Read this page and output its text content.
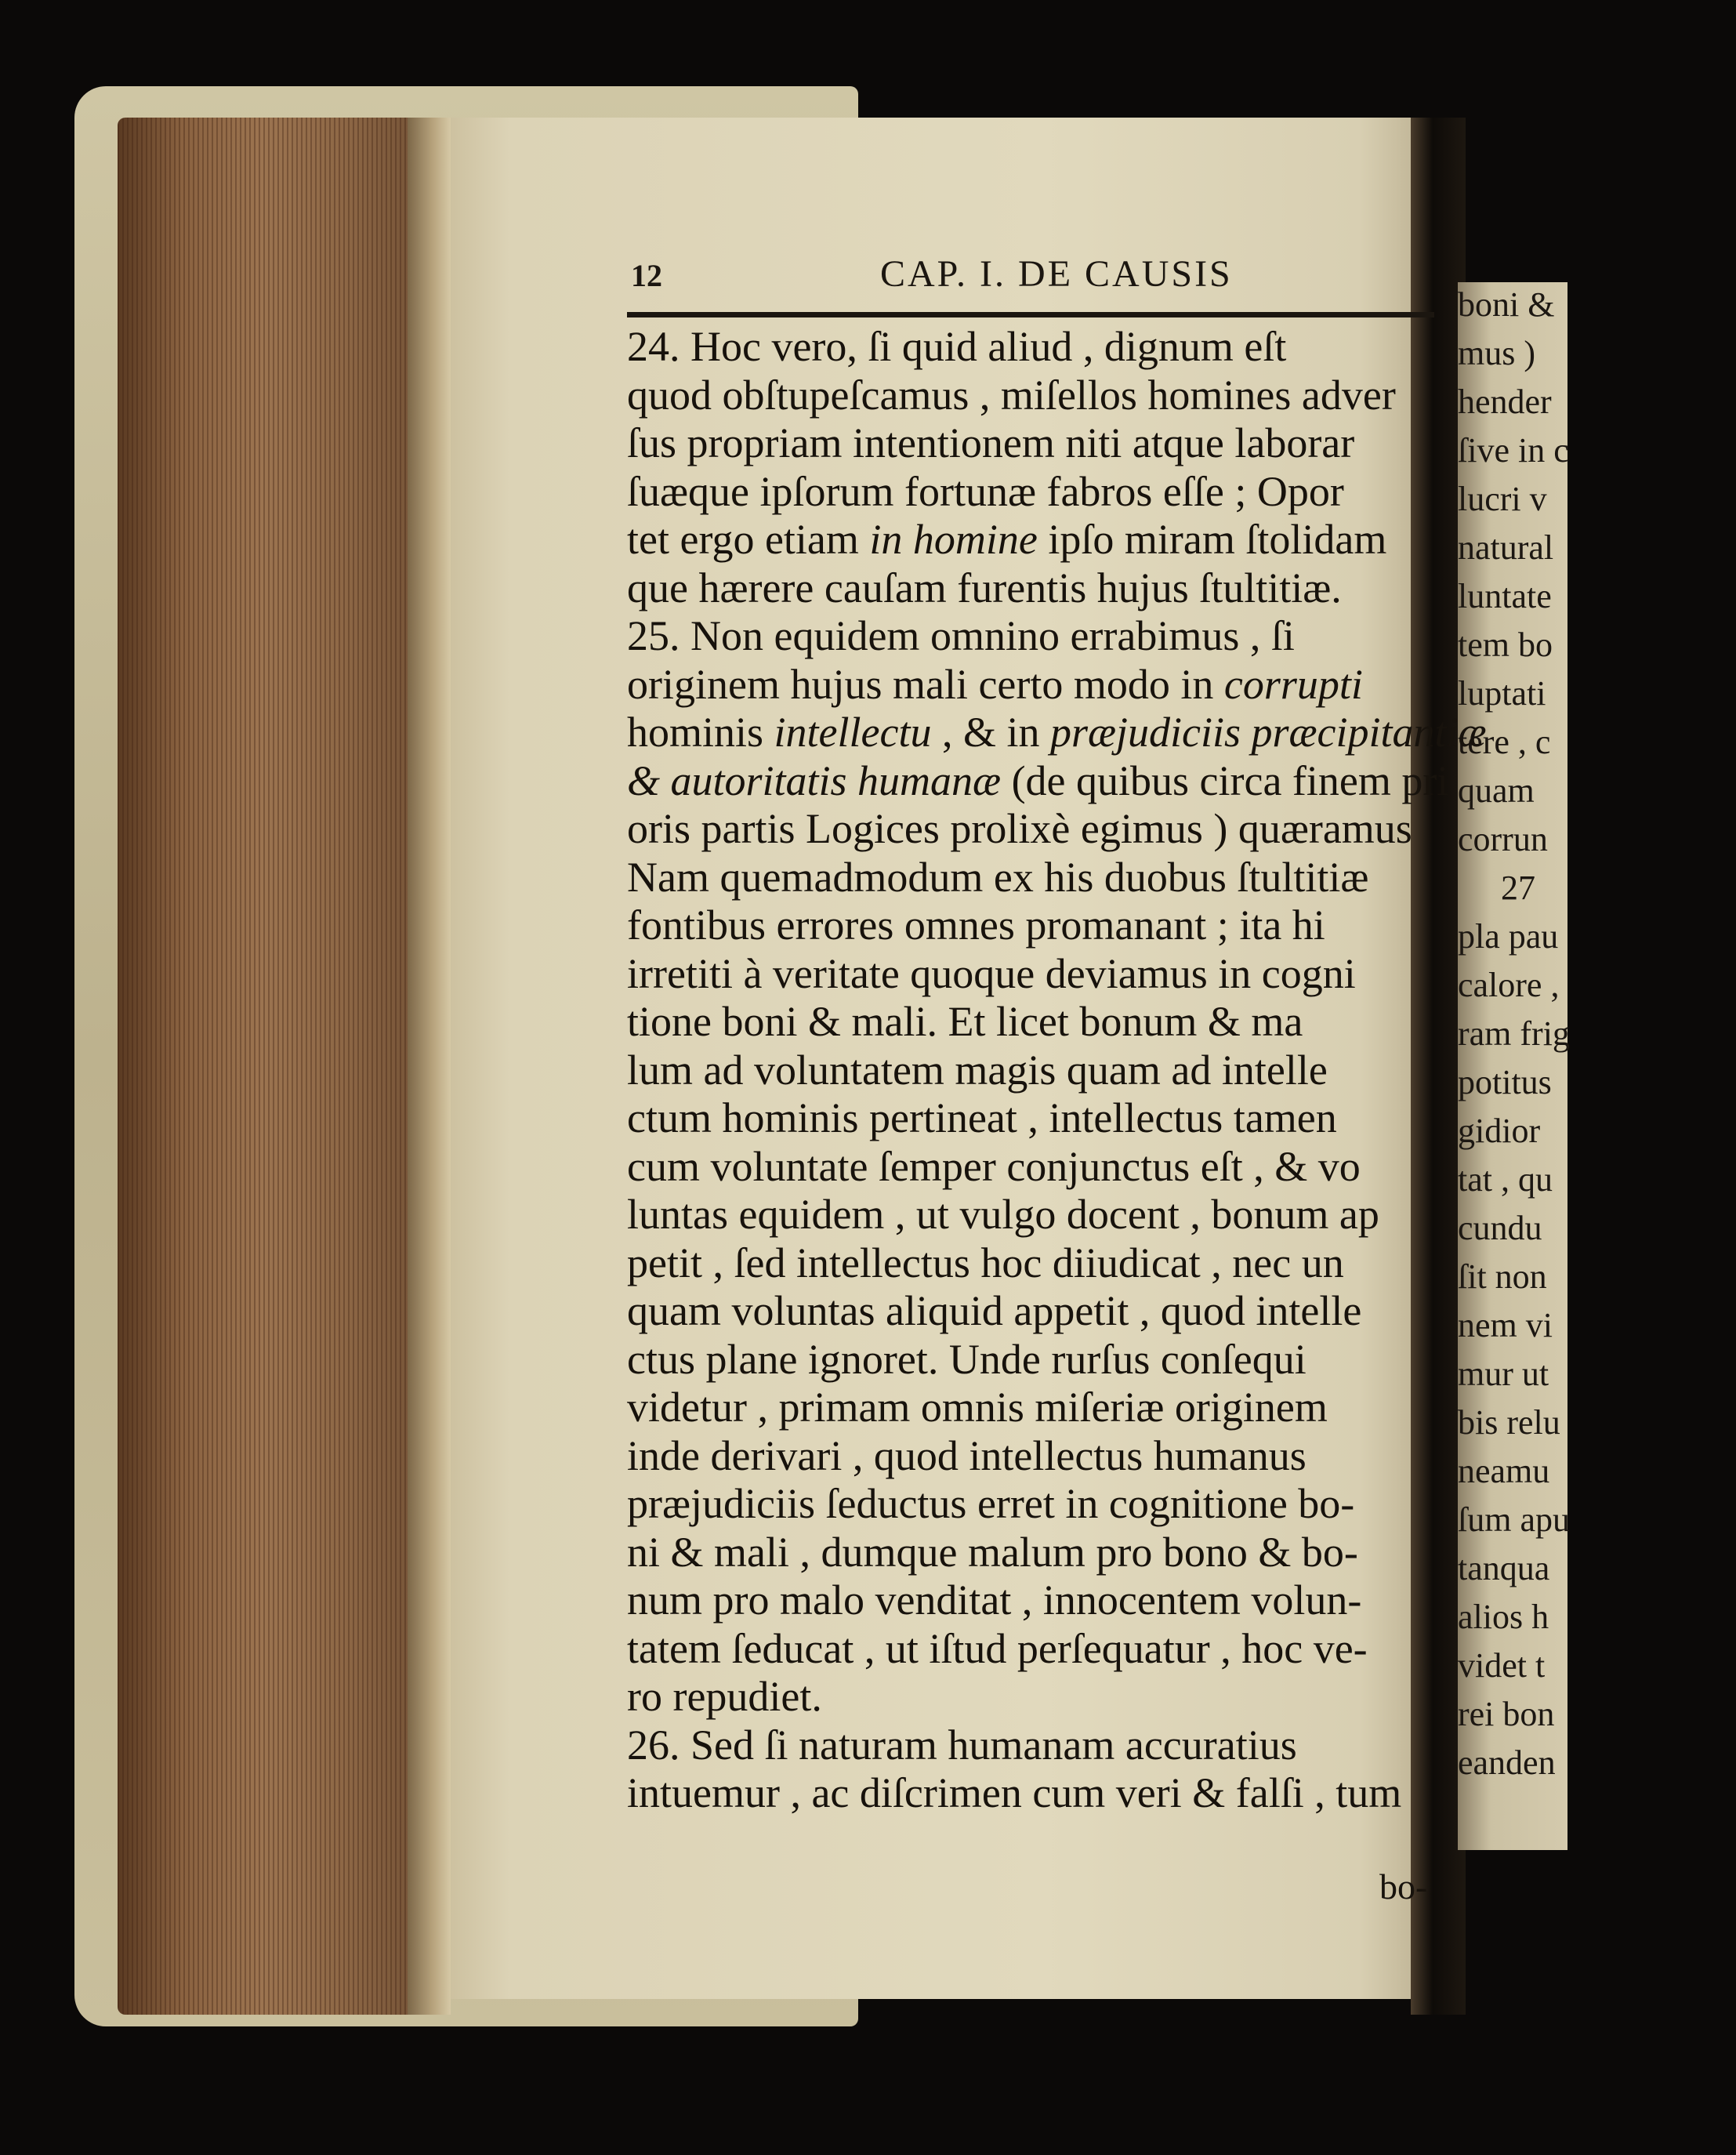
boni &
mus )
hender
ſive in c
lucri v
natural
luntate
tem bo
luptati
tere , c
quam
corrun
27
pla pau
calore ,
ram frig
potitus
gidior
tat , qu
cundu
ſit non
nem vi
mur ut
bis relu
neamu
ſum apu
tanqua
alios h
videt t
rei bon
eanden
12	CAP. I. DE CAUSIS
24. Hoc vero, ſi quid aliud , dignum eſt
quod obſtupeſcamus , miſellos homines adver
ſus propriam intentionem niti atque laborar
ſuæque ipſorum fortunæ fabros eſſe ; Opor
tet ergo etiam in homine ipſo miram ſtolidam
que hærere cauſam furentis hujus ſtultitiæ.
25. Non equidem omnino errabimus , ſi
originem hujus mali certo modo in corrupti
hominis intellectu , & in præjudiciis præcipitantiæ
& autoritatis humanæ (de quibus circa finem pri
oris partis Logices prolixè egimus ) quæramus
Nam quemadmodum ex his duobus ſtultitiæ
fontibus errores omnes promanant ; ita hi
irretiti à veritate quoque deviamus in cogni
tione boni & mali. Et licet bonum & ma
lum ad voluntatem magis quam ad intelle
ctum hominis pertineat , intellectus tamen
cum voluntate ſemper conjunctus eſt , & vo
luntas equidem , ut vulgo docent , bonum ap
petit , ſed intellectus hoc diiudicat , nec un
quam voluntas aliquid appetit , quod intelle
ctus plane ignoret. Unde rurſus conſequi
videtur , primam omnis miſeriæ originem
inde derivari , quod intellectus humanus
præjudiciis ſeductus erret in cognitione bo-
ni & mali , dumque malum pro bono & bo-
num pro malo venditat , innocentem volun-
tatem ſeducat , ut iſtud perſequatur , hoc ve-
ro repudiet.
26. Sed ſi naturam humanam accuratius
intuemur , ac diſcrimen cum veri & falſi , tum
bo-
